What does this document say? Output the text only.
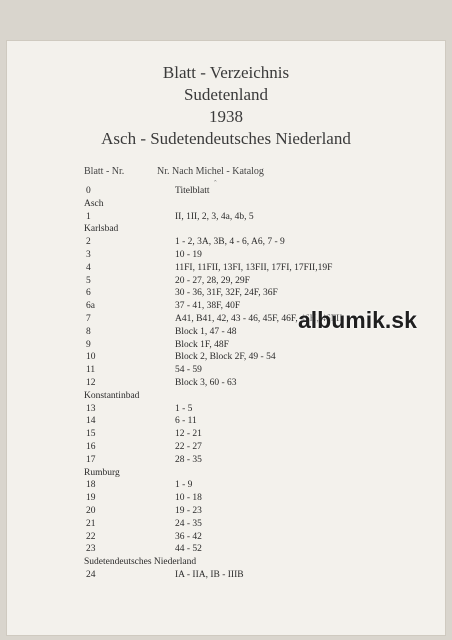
Blatt - Verzeichnis
Sudetenland
1938
Asch - Sudetendeutsches Niederland
Blatt - Nr.	Nr. Nach Michel - Katalog
ˆ
0	Titelblatt
Asch
1	II, 1II, 2, 3, 4a, 4b, 5
Karlsbad
2	1 - 2, 3A, 3B, 4 - 6, A6, 7 - 9
3	10 - 19
4	11FI, 11FII, 13FI, 13FII, 17FI, 17FII,19F
5	20 - 27, 28, 29, 29F
6	30 - 36, 31F, 32F, 24F, 36F
6a	37 - 41, 38F, 40F
7	A41, B41, 42, 43 - 46, 45F, 46F, 46H, 46FII
8	Block 1, 47 - 48
9	Block 1F, 48F
10	Block 2, Block 2F, 49 - 54
11	54 - 59
12	Block 3, 60 - 63
Konstantinbad
13	1 - 5
14	6 - 11
15	12 - 21
16	22 - 27
17	28 - 35
Rumburg
18	1 - 9
19	10 - 18
20	19 - 23
21	24 - 35
22	36 - 42
23	44 - 52
Sudetendeutsches Niederland
24	IA - IIA, IB - IIIB
albumik.sk
